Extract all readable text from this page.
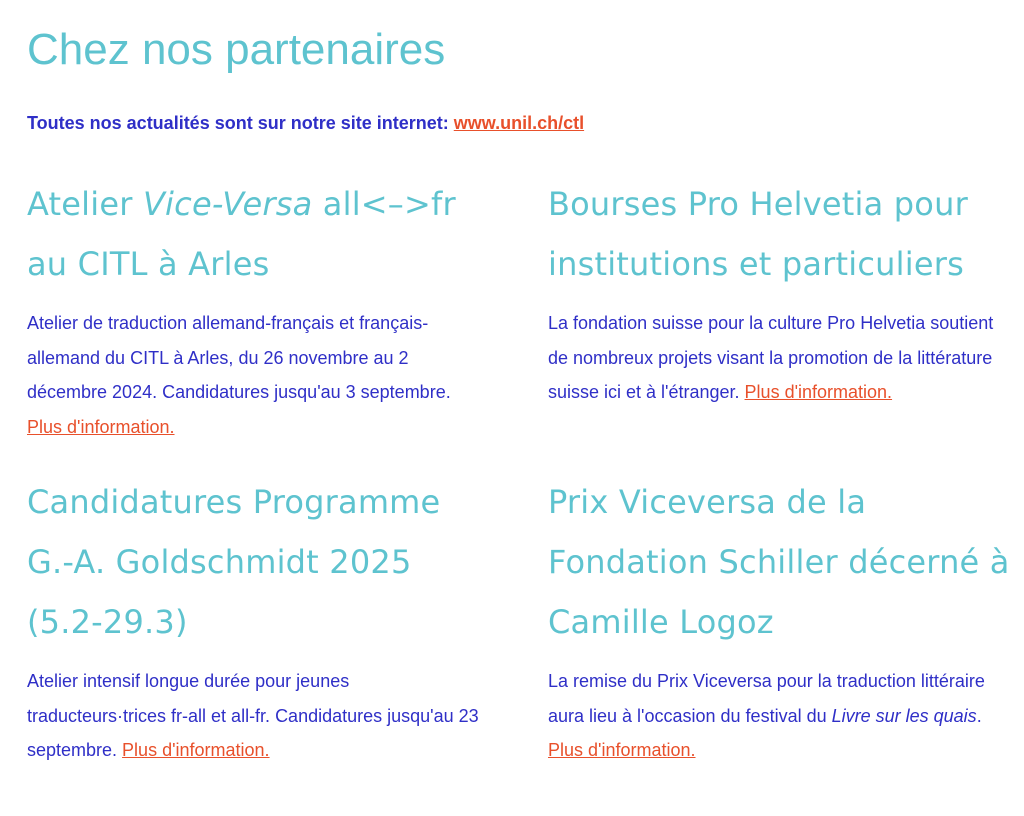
Chez nos partenaires
Toutes nos actualités sont sur notre site internet: www.unil.ch/ctl
Atelier Vice-Versa all<–>fr au CITL à Arles

Atelier de traduction allemand-français et français-allemand du CITL à Arles, du 26 novembre au 2 décembre 2024. Candidatures jusqu'au 3 septembre. Plus d'information.

Bourses Pro Helvetia pour institutions et particuliers

La fondation suisse pour la culture Pro Helvetia soutient de nombreux projets visant la promotion de la littérature suisse ici et à l'étranger. Plus d'information.

Candidatures Programme G.-A. Goldschmidt 2025 (5.2-29.3)

Atelier intensif longue durée pour jeunes traducteurs·trices fr-all et all-fr. Candidatures jusqu'au 23 septembre. Plus d'information.

Prix Viceversa de la Fondation Schiller décerné à Camille Logoz

La remise du Prix Viceversa pour la traduction littéraire aura lieu à l'occasion du festival du Livre sur les quais. Plus d'information.
